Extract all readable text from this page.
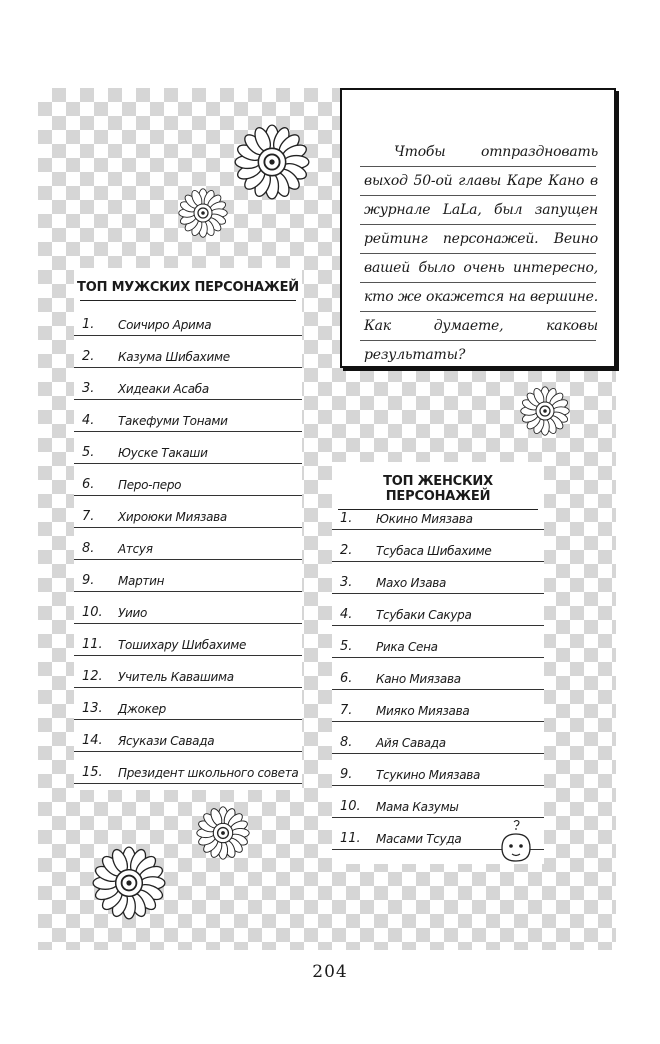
Чтобы отпраздновать выход 50-ой главы Каре Кано в журнале LaLa, был запущен рейтинг персонажей. Веино вашей было очень интересно, кто же окажется на вершине. Как думаете, каковы результаты?
ТОП МУЖСКИХ ПЕРСОНАЖЕЙ
1.	Соичиро Арима
2.	Казума Шибахиме
3.	Хидеаки Асаба
4.	Такефуми Тонами
5.	Юуске Такаши
6.	Перо-перо
7.	Хироюки Миязава
8.	Атсуя
9.	Мартин
10.	Уиио
11.	Тошихару Шибахиме
12.	Учитель Кавашима
13.	Джокер
14.	Ясукази Савада
15.	Президент школьного совета
ТОП ЖЕНСКИХ ПЕРСОНАЖЕЙ
1.	Юкино Миязава
2.	Тсубаса Шибахиме
3.	Махо Изава
4.	Тсубаки Сакура
5.	Рика Сена
6.	Кано Миязава
7.	Мияко Миязава
8.	Айя Савада
9.	Тсукино Миязава
10.	Мама Казумы
11.	Масами Тсуда
204
